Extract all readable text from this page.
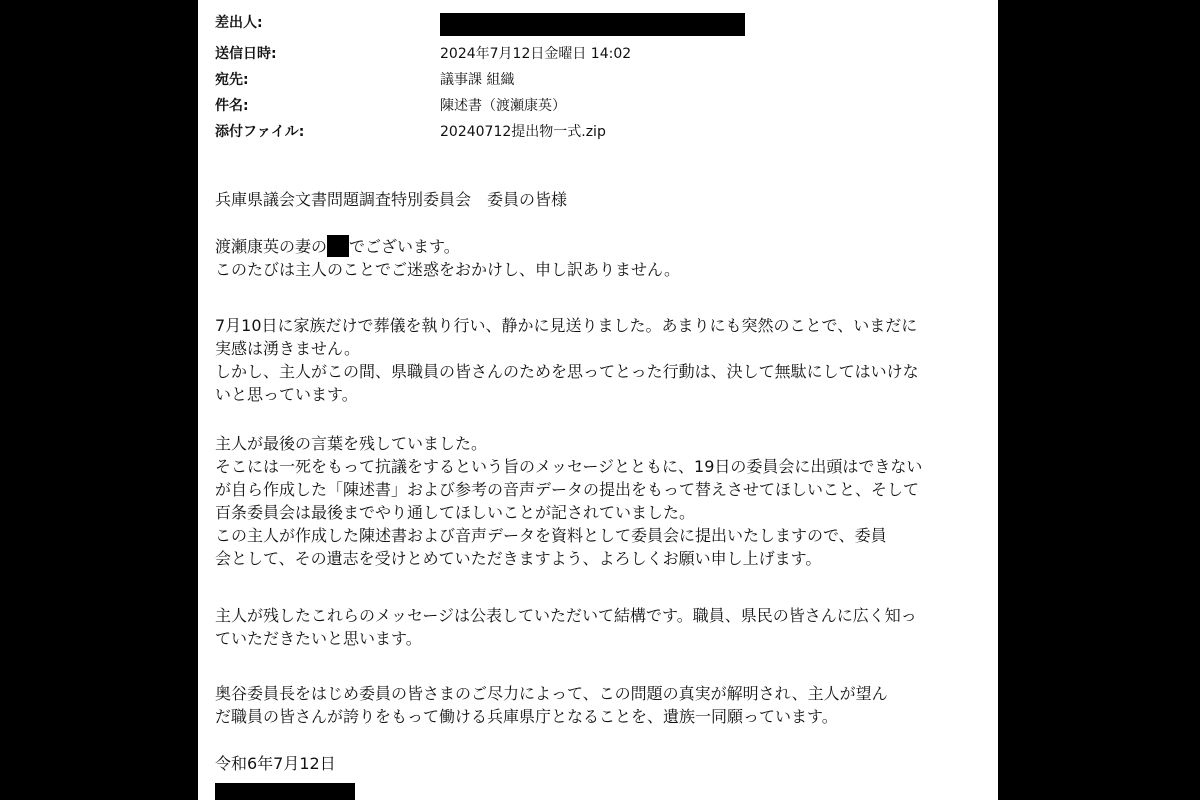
差出人:
送信日時:	2024年7月12日金曜日 14:02
宛先:	議事課 組織
件名:	陳述書（渡瀬康英）
添付ファイル:	20240712提出物一式.zip
兵庫県議会文書問題調査特別委員会　委員の皆様
渡瀬康英の妻の でございます。
このたびは主人のことでご迷惑をおかけし、申し訳ありません。
7月10日に家族だけで葬儀を執り行い、静かに見送りました。あまりにも突然のことで、いまだに
実感は湧きません。
しかし、主人がこの間、県職員の皆さんのためを思ってとった行動は、決して無駄にしてはいけな
いと思っています。
主人が最後の言葉を残していました。
そこには一死をもって抗議をするという旨のメッセージとともに、19日の委員会に出頭はできない
が自ら作成した「陳述書」および参考の音声データの提出をもって替えさせてほしいこと、そして
百条委員会は最後までやり通してほしいことが記されていました。
この主人が作成した陳述書および音声データを資料として委員会に提出いたしますので、委員
会として、その遺志を受けとめていただきますよう、よろしくお願い申し上げます。
主人が残したこれらのメッセージは公表していただいて結構です。職員、県民の皆さんに広く知っ
ていただきたいと思います。
奥谷委員長をはじめ委員の皆さまのご尽力によって、この問題の真実が解明され、主人が望ん
だ職員の皆さんが誇りをもって働ける兵庫県庁となることを、遺族一同願っています。
令和6年7月12日
